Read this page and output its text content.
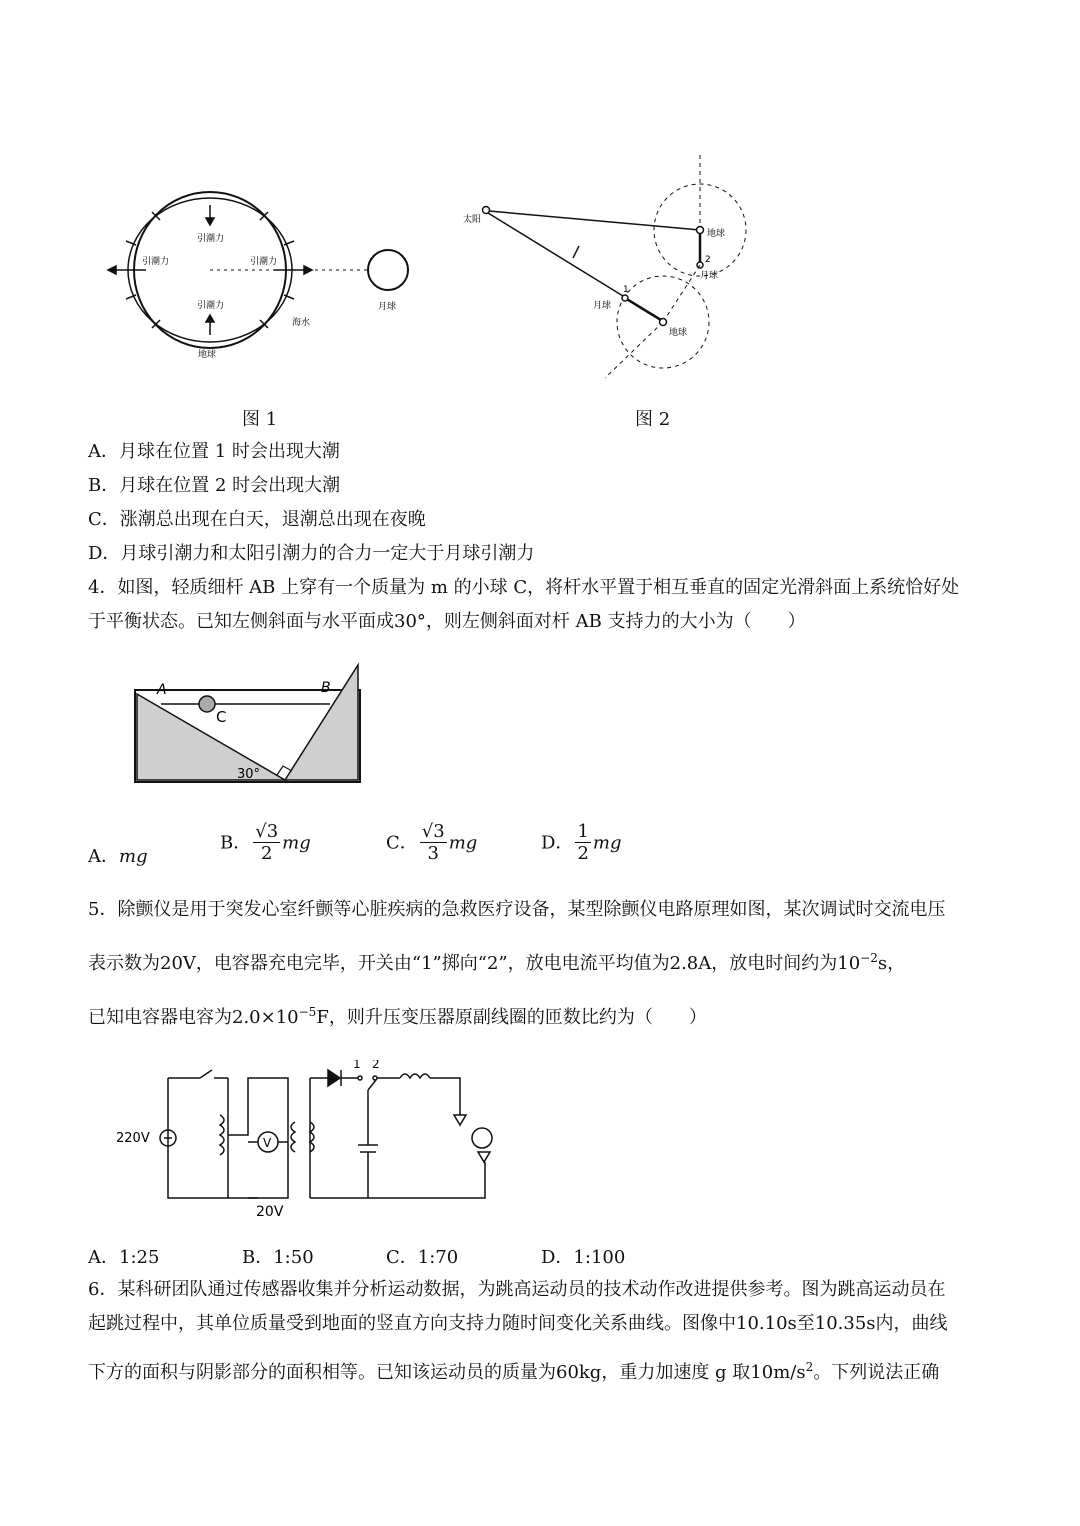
引潮力
引潮力
引潮力	引潮力
月球
海水
地球
太阳
地球
月球
2
月球
1
地球
图 1	图 2
A．月球在位置 1 时会出现大潮
B．月球在位置 2 时会出现大潮
C．涨潮总出现在白天，退潮总出现在夜晚
D．月球引潮力和太阳引潮力的合力一定大于月球引潮力
4．如图，轻质细杆 AB 上穿有一个质量为 m 的小球 C，将杆水平置于相互垂直的固定光滑斜面上系统恰好处
于平衡状态。已知左侧斜面与水平面成30°，则左侧斜面对杆 AB 支持力的大小为（　　）
A	B
C
30°
A．mg
B． $\frac{√3}{2}$ mg	C． $\frac{√3}{3}$ mg	D． $\frac{1}{2}$ mg
5．除颤仪是用于突发心室纤颤等心脏疾病的急救医疗设备，某型除颤仪电路原理如图，某次调试时交流电压
表示数为20V，电容器充电完毕，开关由“1”掷向“2”，放电电流平均值为2.8A，放电时间约为$10^{-2}s$，
已知电容器电容为$2.0\times 10^{-5}F$，则升压变压器原副线圈的匝数比约为（　　）
220V
20V
1 2
V
A．1:25	B．1:50	C．1:70	D．1:100
6．某科研团队通过传感器收集并分析运动数据，为跳高运动员的技术动作改进提供参考。图为跳高运动员在
起跳过程中，其单位质量受到地面的竖直方向支持力随时间变化关系曲线。图像中10.10s至10.35s内，曲线
下方的面积与阴影部分的面积相等。已知该运动员的质量为60kg，重力加速度 g 取$10m/s^2$。下列说法正确
